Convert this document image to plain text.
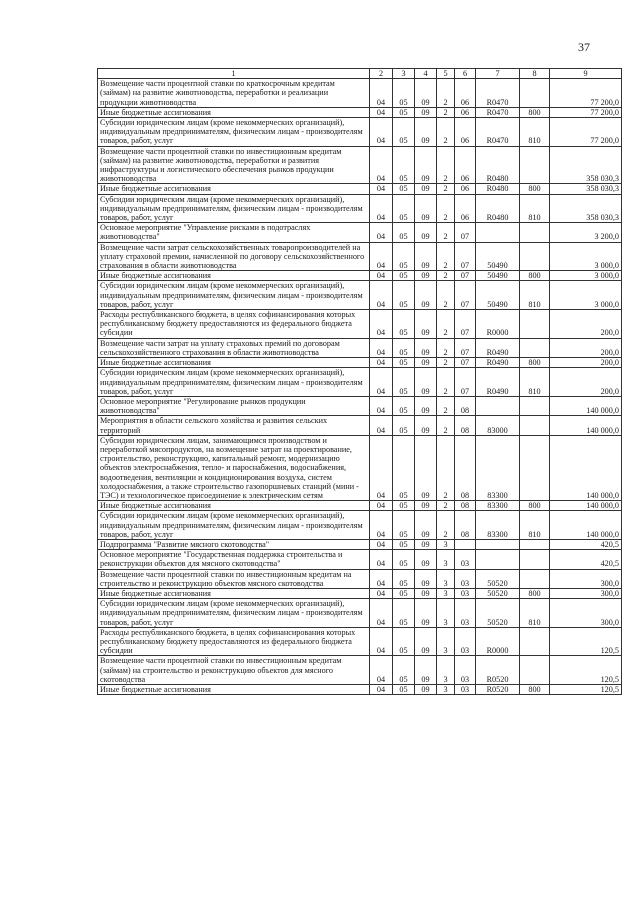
37
1	2	3	4	5	6	7	8	9
Возмещение части процентной ставки по краткосрочным кредитам (займам) на развитие животноводства, переработки и реализации продукции животноводства	04	05	09	2	06	R0470		77 200,0
Иные бюджетные ассигнования	04	05	09	2	06	R0470	800	77 200,0
Субсидии юридическим лицам (кроме некоммерческих организаций), индивидуальным предпринимателям, физическим лицам - производителям товаров, работ, услуг	04	05	09	2	06	R0470	810	77 200,0
Возмещение части процентной ставки по инвестиционным кредитам (займам) на развитие животноводства, переработки и развития инфраструктуры и логистического обеспечения рынков продукции животноводства	04	05	09	2	06	R0480		358 030,3
Иные бюджетные ассигнования	04	05	09	2	06	R0480	800	358 030,3
Субсидии юридическим лицам (кроме некоммерческих организаций), индивидуальным предпринимателям, физическим лицам - производителям товаров, работ, услуг	04	05	09	2	06	R0480	810	358 030,3
Основное мероприятие "Управление рисками в подотраслях животноводства"	04	05	09	2	07			3 200,0
Возмещение части затрат сельскохозяйственных товаропроизводителей на уплату страховой премии, начисленной по договору сельскохозяйственного страхования в области животноводства	04	05	09	2	07	50490		3 000,0
Иные бюджетные ассигнования	04	05	09	2	07	50490	800	3 000,0
Субсидии юридическим лицам (кроме некоммерческих организаций), индивидуальным предпринимателям, физическим лицам - производителям товаров, работ, услуг	04	05	09	2	07	50490	810	3 000,0
Расходы республиканского бюджета, в целях софинансирования которых республиканскому бюджету предоставляются из федерального бюджета субсидии	04	05	09	2	07	R0000		200,0
Возмещение части затрат на уплату страховых премий по договорам сельскохозяйственного страхования в области животноводства	04	05	09	2	07	R0490		200,0
Иные бюджетные ассигнования	04	05	09	2	07	R0490	800	200,0
Субсидии юридическим лицам (кроме некоммерческих организаций), индивидуальным предпринимателям, физическим лицам - производителям товаров, работ, услуг	04	05	09	2	07	R0490	810	200,0
Основное мероприятие "Регулирование рынков продукции животноводства"	04	05	09	2	08			140 000,0
Мероприятия в области сельского хозяйства и развития сельских территорий	04	05	09	2	08	83000		140 000,0
Субсидии юридическим лицам, занимающимся производством и переработкой мясопродуктов, на возмещение затрат на проектирование, строительство, реконструкцию, капитальный ремонт, модернизацию объектов электроснабжения, тепло- и пароснабжения, водоснабжения, водоотведения, вентиляции и кондиционирования воздуха, систем холодоснабжения, а также строительство газопоршневых станций (мини - ТЭС) и технологическое присоединение к электрическим сетям	04	05	09	2	08	83300		140 000,0
Иные бюджетные ассигнования	04	05	09	2	08	83300	800	140 000,0
Субсидии юридическим лицам (кроме некоммерческих организаций), индивидуальным предпринимателям, физическим лицам - производителям товаров, работ, услуг	04	05	09	2	08	83300	810	140 000,0
Подпрограмма "Развитие мясного скотоводства"	04	05	09	3				420,5
Основное мероприятие "Государственная поддержка строительства и реконструкции объектов для мясного скотоводства"	04	05	09	3	03			420,5
Возмещение части процентной ставки по инвестиционным кредитам на строительство и реконструкцию объектов мясного скотоводства	04	05	09	3	03	50520		300,0
Иные бюджетные ассигнования	04	05	09	3	03	50520	800	300,0
Субсидии юридическим лицам (кроме некоммерческих организаций), индивидуальным предпринимателям, физическим лицам - производителям товаров, работ, услуг	04	05	09	3	03	50520	810	300,0
Расходы республиканского бюджета, в целях софинансирования которых республиканскому бюджету предоставляются из федерального бюджета субсидии	04	05	09	3	03	R0000		120,5
Возмещение части процентной ставки по инвестиционным кредитам (займам) на строительство и реконструкцию объектов для мясного скотоводства	04	05	09	3	03	R0520		120,5
Иные бюджетные ассигнования	04	05	09	3	03	R0520	800	120,5
